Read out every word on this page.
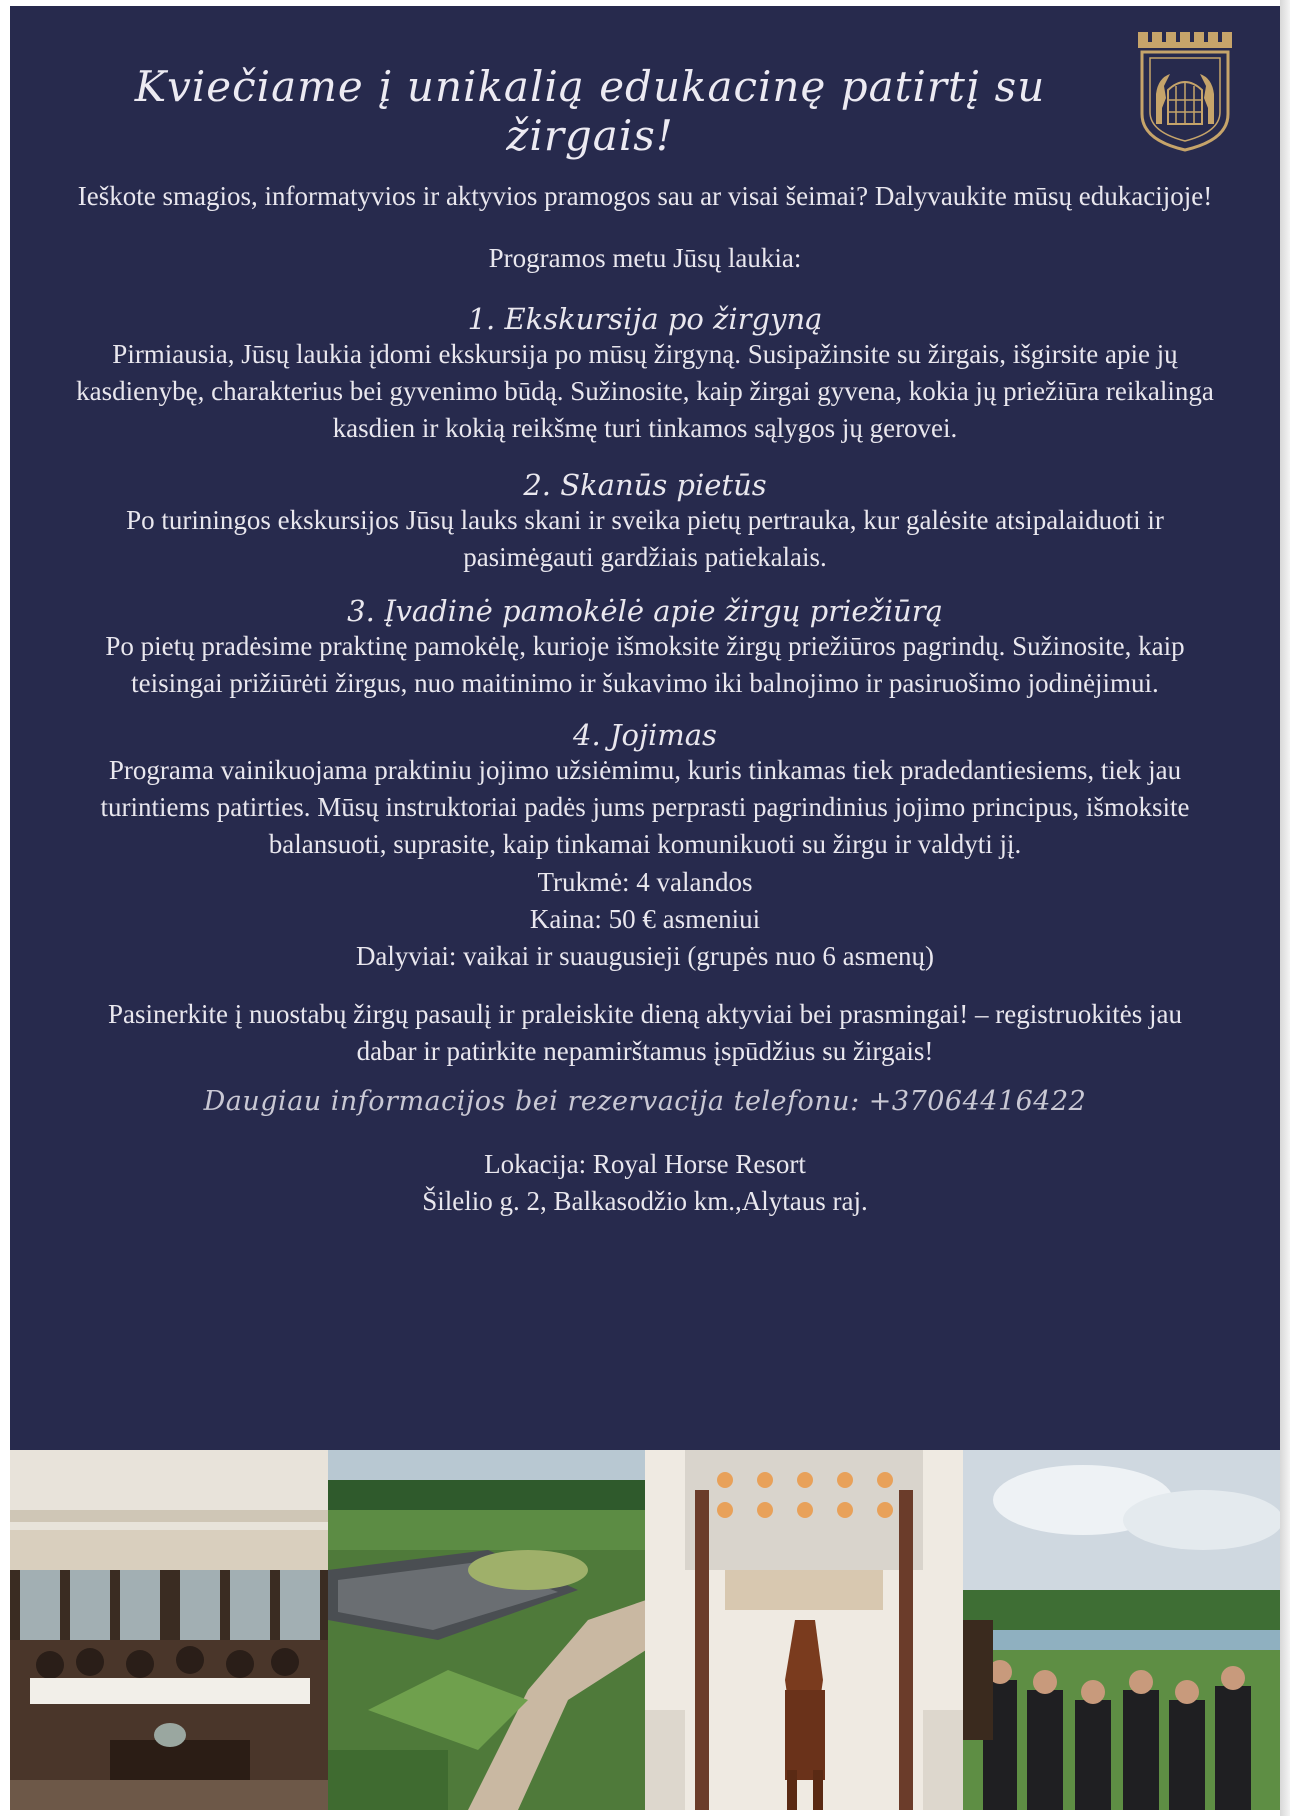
Kviečiame į unikalią edukacinę patirtį su žirgais!
Ieškote smagios, informatyvios ir aktyvios pramogos sau ar visai šeimai? Dalyvaukite mūsų edukacijoje!
Programos metu Jūsų laukia:
1. Ekskursija po žirgyną

Pirmiausia, Jūsų laukia įdomi ekskursija po mūsų žirgyną. Susipažinsite su žirgais, išgirsite apie jų

kasdienybę, charakterius bei gyvenimo būdą. Sužinosite, kaip žirgai gyvena, kokia jų priežiūra reikalinga

kasdien ir kokią reikšmę turi tinkamos sąlygos jų gerovei.

2. Skanūs pietūs

Po turiningos ekskursijos Jūsų lauks skani ir sveika pietų pertrauka, kur galėsite atsipalaiduoti ir

pasimėgauti gardžiais patiekalais.

3. Įvadinė pamokėlė apie žirgų priežiūrą

Po pietų pradėsime praktinę pamokėlę, kurioje išmoksite žirgų priežiūros pagrindų. Sužinosite, kaip

teisingai prižiūrėti žirgus, nuo maitinimo ir šukavimo iki balnojimo ir pasiruošimo jodinėjimui.

4. Jojimas

Programa vainikuojama praktiniu jojimo užsiėmimu, kuris tinkamas tiek pradedantiesiems, tiek jau

turintiems patirties. Mūsų instruktoriai padės jums perprasti pagrindinius jojimo principus, išmoksite

balansuoti, suprasite, kaip tinkamai komunikuoti su žirgu ir valdyti jį.

Trukmė: 4 valandos

Kaina: 50 € asmeniui

Dalyviai: vaikai ir suaugusieji (grupės nuo 6 asmenų)

Pasinerkite į nuostabų žirgų pasaulį ir praleiskite dieną aktyviai bei prasmingai! – registruokitės jau

dabar ir patirkite nepamirštamus įspūdžius su žirgais!

Daugiau informacijos bei rezervacija telefonu: +37064416422

Lokacija: Royal Horse Resort

Šilelio g. 2, Balkasodžio km.,Alytaus raj.
